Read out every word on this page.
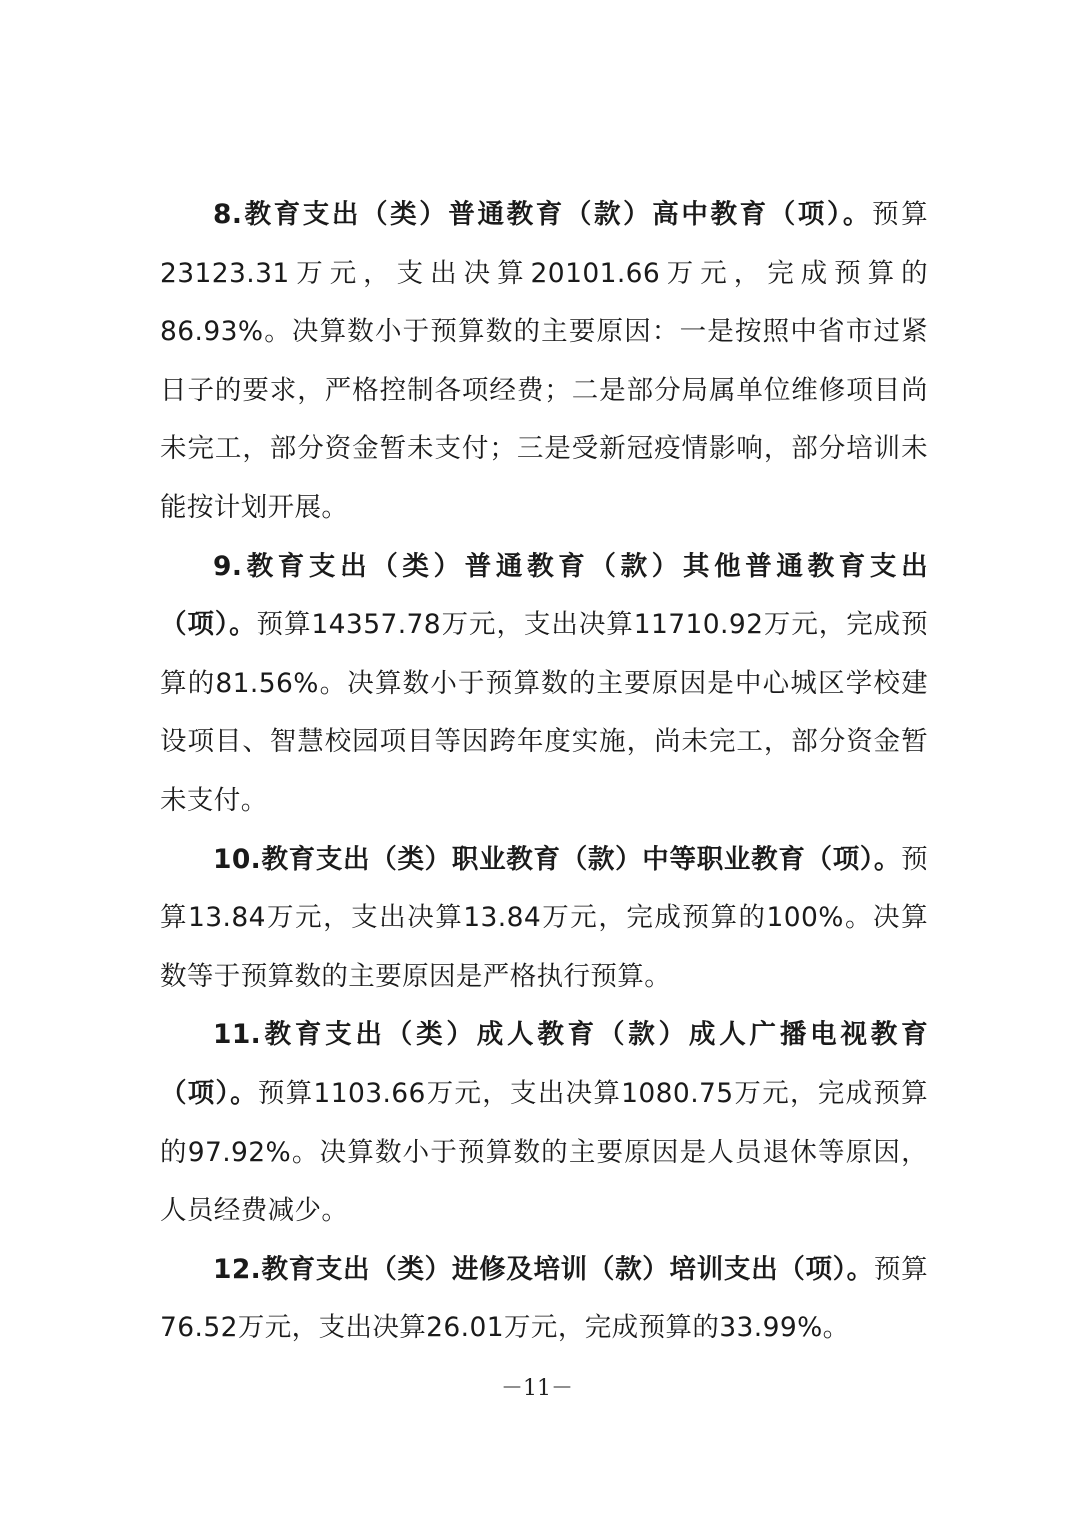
8.教育支出（类）普通教育（款）高中教育（项）。预算23123.31万元，支出决算20101.66万元，完成预算的86.93%。决算数小于预算数的主要原因：一是按照中省市过紧日子的要求，严格控制各项经费；二是部分局属单位维修项目尚未完工，部分资金暂未支付；三是受新冠疫情影响，部分培训未能按计划开展。

9.教育支出（类）普通教育（款）其他普通教育支出（项）。预算14357.78万元，支出决算11710.92万元，完成预算的81.56%。决算数小于预算数的主要原因是中心城区学校建设项目、智慧校园项目等因跨年度实施，尚未完工，部分资金暂未支付。

10.教育支出（类）职业教育（款）中等职业教育（项）。预算13.84万元，支出决算13.84万元，完成预算的100%。决算数等于预算数的主要原因是严格执行预算。

11.教育支出（类）成人教育（款）成人广播电视教育（项）。预算1103.66万元，支出决算1080.75万元，完成预算的97.92%。决算数小于预算数的主要原因是人员退休等原因，人员经费减少。

12.教育支出（类）进修及培训（款）培训支出（项）。预算76.52万元，支出决算26.01万元，完成预算的33.99%。

－11－
